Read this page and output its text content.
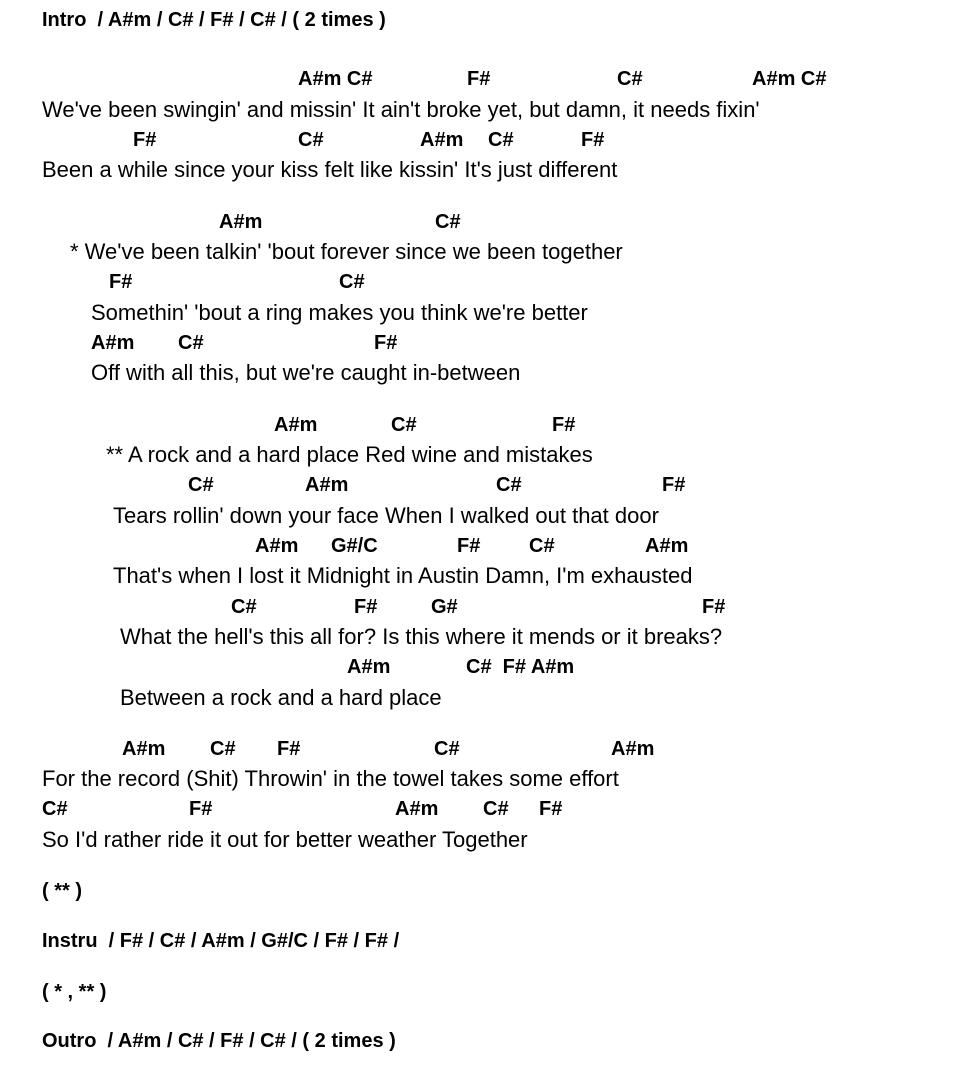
Intro  / A#m / C# / F# / C# / ( 2 times )
A#m C#	F#	C#	A#m C#
We've been swingin' and missin' It ain't broke yet, but damn, it needs fixin'
F#	C#	A#m C#	F#
Been a while since your kiss felt like kissin' It's just different
A#m	C#
* We've been talkin' 'bout forever since we been together
F#	C#
Somethin' 'bout a ring makes you think we're better
A#m C#	F#
Off with all this, but we're caught in-between
A#m	C#	F#
** A rock and a hard place Red wine and mistakes
C#	A#m	C#	F#
Tears rollin' down your face When I walked out that door
A#m G#/C	F# C#	A#m
That's when I lost it Midnight in Austin Damn, I'm exhausted
C#	F#	G#	F#
What the hell's this all for? Is this where it mends or it breaks?
A#m	C#  F# A#m
Between a rock and a hard place
A#m C# F#	C#	A#m
For the record (Shit) Throwin' in the towel takes some effort
C#	F#	A#m C# F#
So I'd rather ride it out for better weather Together
( ** )
Instru  / F# / C# / A#m / G#/C / F# / F# /
( * , ** )
Outro  / A#m / C# / F# / C# / ( 2 times )
